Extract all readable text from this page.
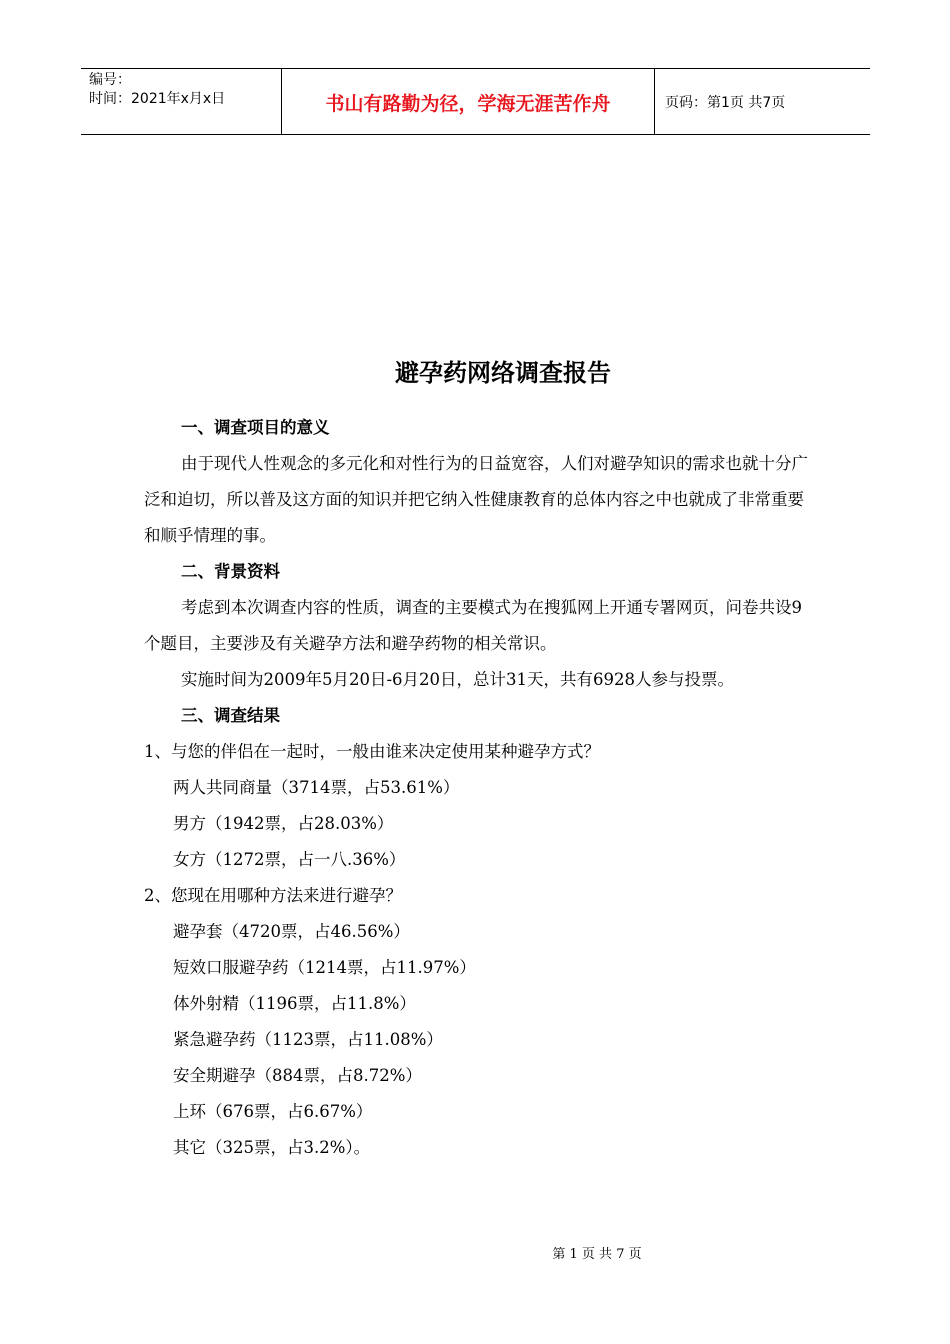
编号：
时间：2021年x月x日	书山有路勤为径，学海无涯苦作舟	页码：第1页 共7页
避孕药网络调查报告

一、调查项目的意义

由于现代人性观念的多元化和对性行为的日益宽容，人们对避孕知识的需求也就十分广泛和迫切，所以普及这方面的知识并把它纳入性健康教育的总体内容之中也就成了非常重要和顺乎情理的事。

二、背景资料

考虑到本次调查内容的性质，调查的主要模式为在搜狐网上开通专署网页，问卷共设9个题目，主要涉及有关避孕方法和避孕药物的相关常识。

实施时间为2009年5月20日-6月20日，总计31天，共有6928人参与投票。

三、调查结果

1、与您的伴侣在一起时，一般由谁来决定使用某种避孕方式？

两人共同商量（3714票，占53.61%）

男方（1942票，占28.03%）

女方（1272票，占一八.36%）

2、您现在用哪种方法来进行避孕？

避孕套（4720票，占46.56%）

短效口服避孕药（1214票，占11.97%）

体外射精（1196票，占11.8%）

紧急避孕药（1123票，占11.08%）

安全期避孕（884票，占8.72%）

上环（676票，占6.67%）

其它（325票，占3.2%）。

第 1 页 共 7 页
